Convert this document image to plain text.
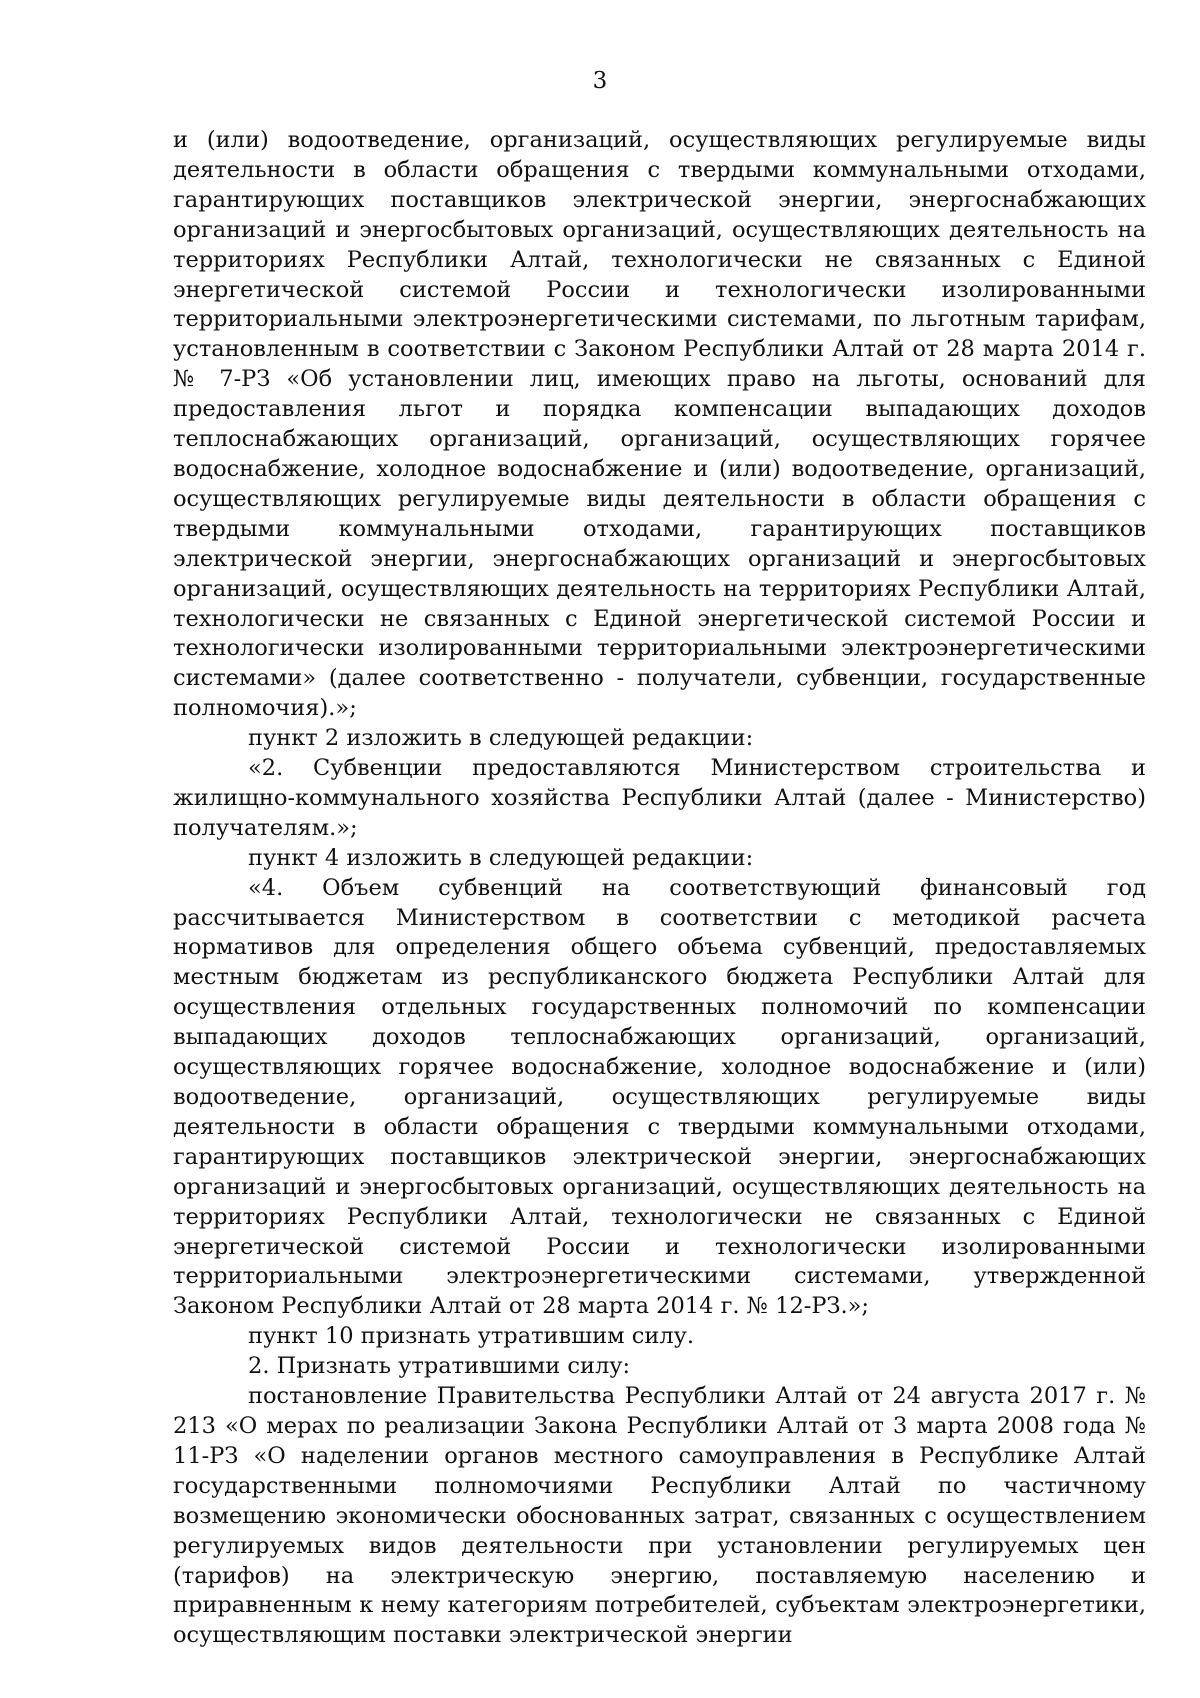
3

и (или) водоотведение, организаций, осуществляющих регулируемые виды деятельности в области обращения с твердыми коммунальными отходами, гарантирующих поставщиков электрической энергии, энергоснабжающих организаций и энергосбытовых организаций, осуществляющих деятельность на территориях Республики Алтай, технологически не связанных с Единой энергетической системой России и технологически изолированными территориальными электроэнергетическими системами, по льготным тарифам, установленным в соответствии с Законом Республики Алтай от 28 марта 2014 г. № 7-РЗ «Об установлении лиц, имеющих право на льготы, оснований для предоставления льгот и порядка компенсации выпадающих доходов теплоснабжающих организаций, организаций, осуществляющих горячее водоснабжение, холодное водоснабжение и (или) водоотведение, организаций, осуществляющих регулируемые виды деятельности в области обращения с твердыми коммунальными отходами, гарантирующих поставщиков электрической энергии, энергоснабжающих организаций и энергосбытовых организаций, осуществляющих деятельность на территориях Республики Алтай, технологически не связанных с Единой энергетической системой России и технологически изолированными территориальными электроэнергетическими системами» (далее соответственно - получатели, субвенции, государственные полномочия).»;

пункт 2 изложить в следующей редакции:

«2. Субвенции предоставляются Министерством строительства и жилищно-коммунального хозяйства Республики Алтай (далее - Министерство) получателям.»;

пункт 4 изложить в следующей редакции:

«4. Объем субвенций на соответствующий финансовый год рассчитывается Министерством в соответствии с методикой расчета нормативов для определения общего объема субвенций, предоставляемых местным бюджетам из республиканского бюджета Республики Алтай для осуществления отдельных государственных полномочий по компенсации выпадающих доходов теплоснабжающих организаций, организаций, осуществляющих горячее водоснабжение, холодное водоснабжение и (или) водоотведение, организаций, осуществляющих регулируемые виды деятельности в области обращения с твердыми коммунальными отходами, гарантирующих поставщиков электрической энергии, энергоснабжающих организаций и энергосбытовых организаций, осуществляющих деятельность на территориях Республики Алтай, технологически не связанных с Единой энергетической системой России и технологически изолированными территориальными электроэнергетическими системами, утвержденной Законом Республики Алтай от 28 марта 2014 г. № 12-РЗ.»;

пункт 10 признать утратившим силу.

2. Признать утратившими силу:

постановление Правительства Республики Алтай от 24 августа 2017 г. № 213 «О мерах по реализации Закона Республики Алтай от 3 марта 2008 года № 11-РЗ «О наделении органов местного самоуправления в Республике Алтай государственными полномочиями Республики Алтай по частичному возмещению экономически обоснованных затрат, связанных с осуществлением регулируемых видов деятельности при установлении регулируемых цен (тарифов) на электрическую энергию, поставляемую населению и приравненным к нему категориям потребителей, субъектам электроэнергетики, осуществляющим поставки электрической энергии
